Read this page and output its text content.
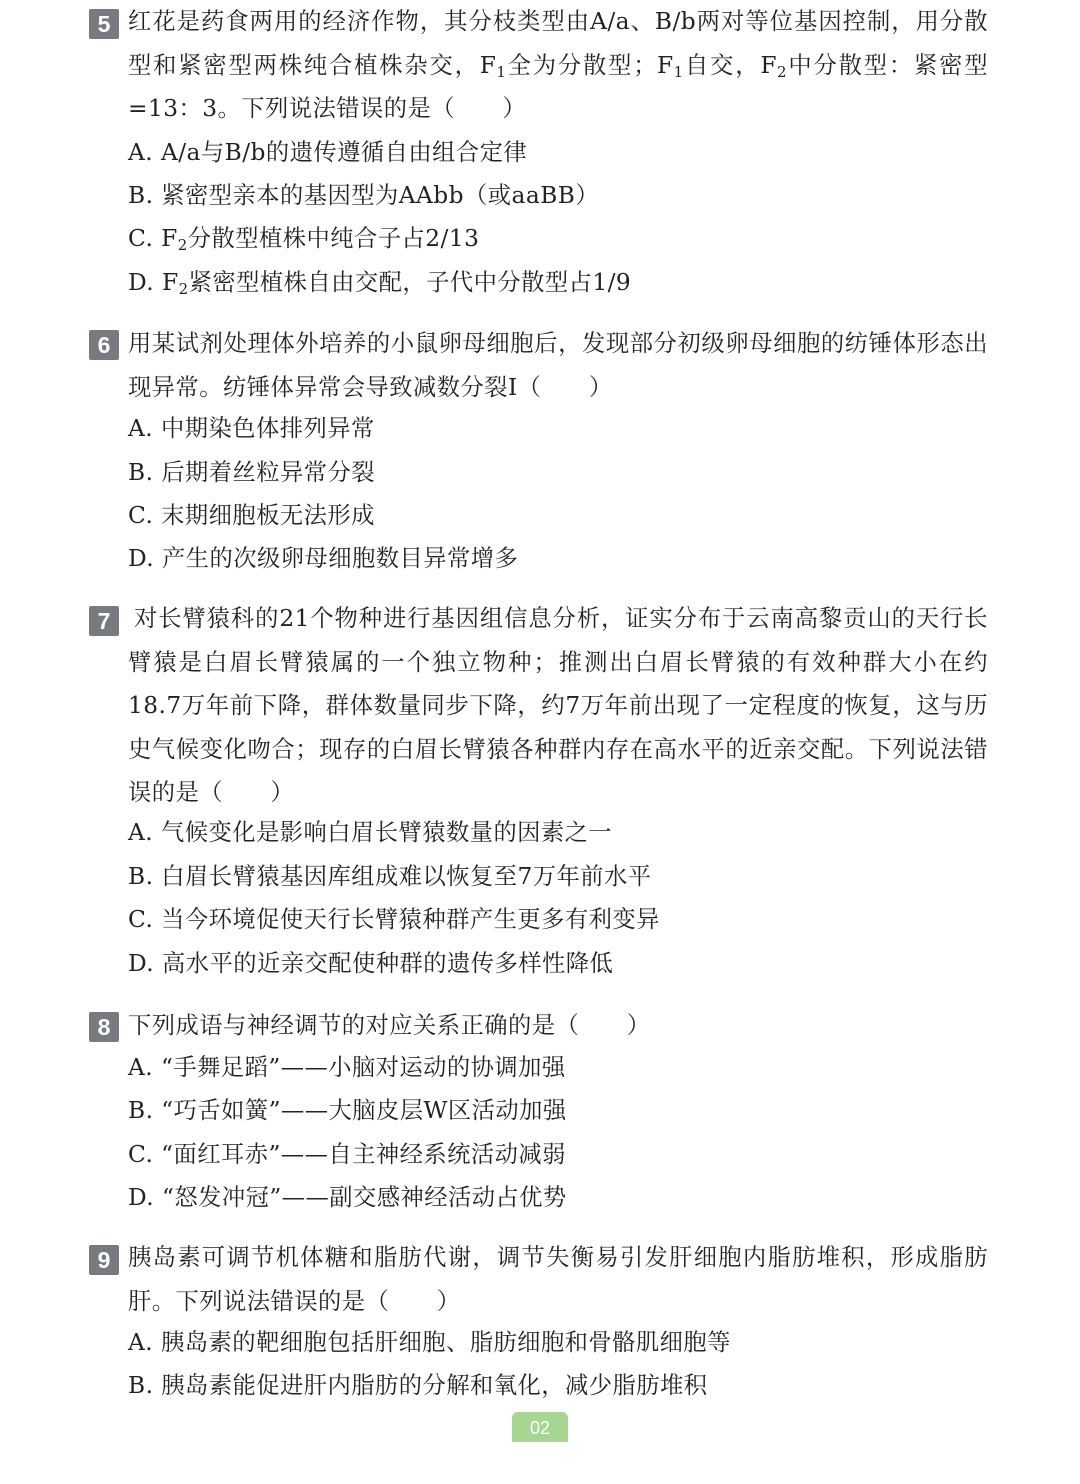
5 红花是药食两用的经济作物，其分枝类型由A/a、B/b两对等位基因控制，用分散型和紧密型两株纯合植株杂交，$F_1$全为分散型；$F_1$自交，$F_2$中分散型：紧密型=13：3。下列说法错误的是（　　 ）

A. A/a与B/b的遗传遵循自由组合定律

B. 紧密型亲本的基因型为AAbb（或aaBB）

C. $F_2$分散型植株中纯合子占2/13

D. $F_2$紧密型植株自由交配，子代中分散型占1/9

6 用某试剂处理体外培养的小鼠卵母细胞后，发现部分初级卵母细胞的纺锤体形态出现异常。纺锤体异常会导致减数分裂Ⅰ（　　 ）

A. 中期染色体排列异常

B. 后期着丝粒异常分裂

C. 末期细胞板无法形成

D. 产生的次级卵母细胞数目异常增多

7	对长臂猿科的21个物种进行基因组信息分析，证实分布于云南高黎贡山的天行长臂猿是白眉长臂猿属的一个独立物种；推测出白眉长臂猿的有效种群大小在约18.7万年前下降，群体数量同步下降，约7万年前出现了一定程度的恢复，这与历史气候变化吻合；现存的白眉长臂猿各种群内存在高水平的近亲交配。下列说法错误的是（　　 ）

A. 气候变化是影响白眉长臂猿数量的因素之一

B. 白眉长臂猿基因库组成难以恢复至7万年前水平

C. 当今环境促使天行长臂猿种群产生更多有利变异

D. 高水平的近亲交配使种群的遗传多样性降低

8 下列成语与神经调节的对应关系正确的是（　　 ）

A. “手舞足蹈”——小脑对运动的协调加强

B. “巧舌如簧”——大脑皮层W区活动加强

C. “面红耳赤”——自主神经系统活动减弱

D. “怒发冲冠”——副交感神经活动占优势

9 胰岛素可调节机体糖和脂肪代谢，调节失衡易引发肝细胞内脂肪堆积，形成脂肪肝。下列说法错误的是（　　 ）

A. 胰岛素的靶细胞包括肝细胞、脂肪细胞和骨骼肌细胞等

B. 胰岛素能促进肝内脂肪的分解和氧化，减少脂肪堆积

02
